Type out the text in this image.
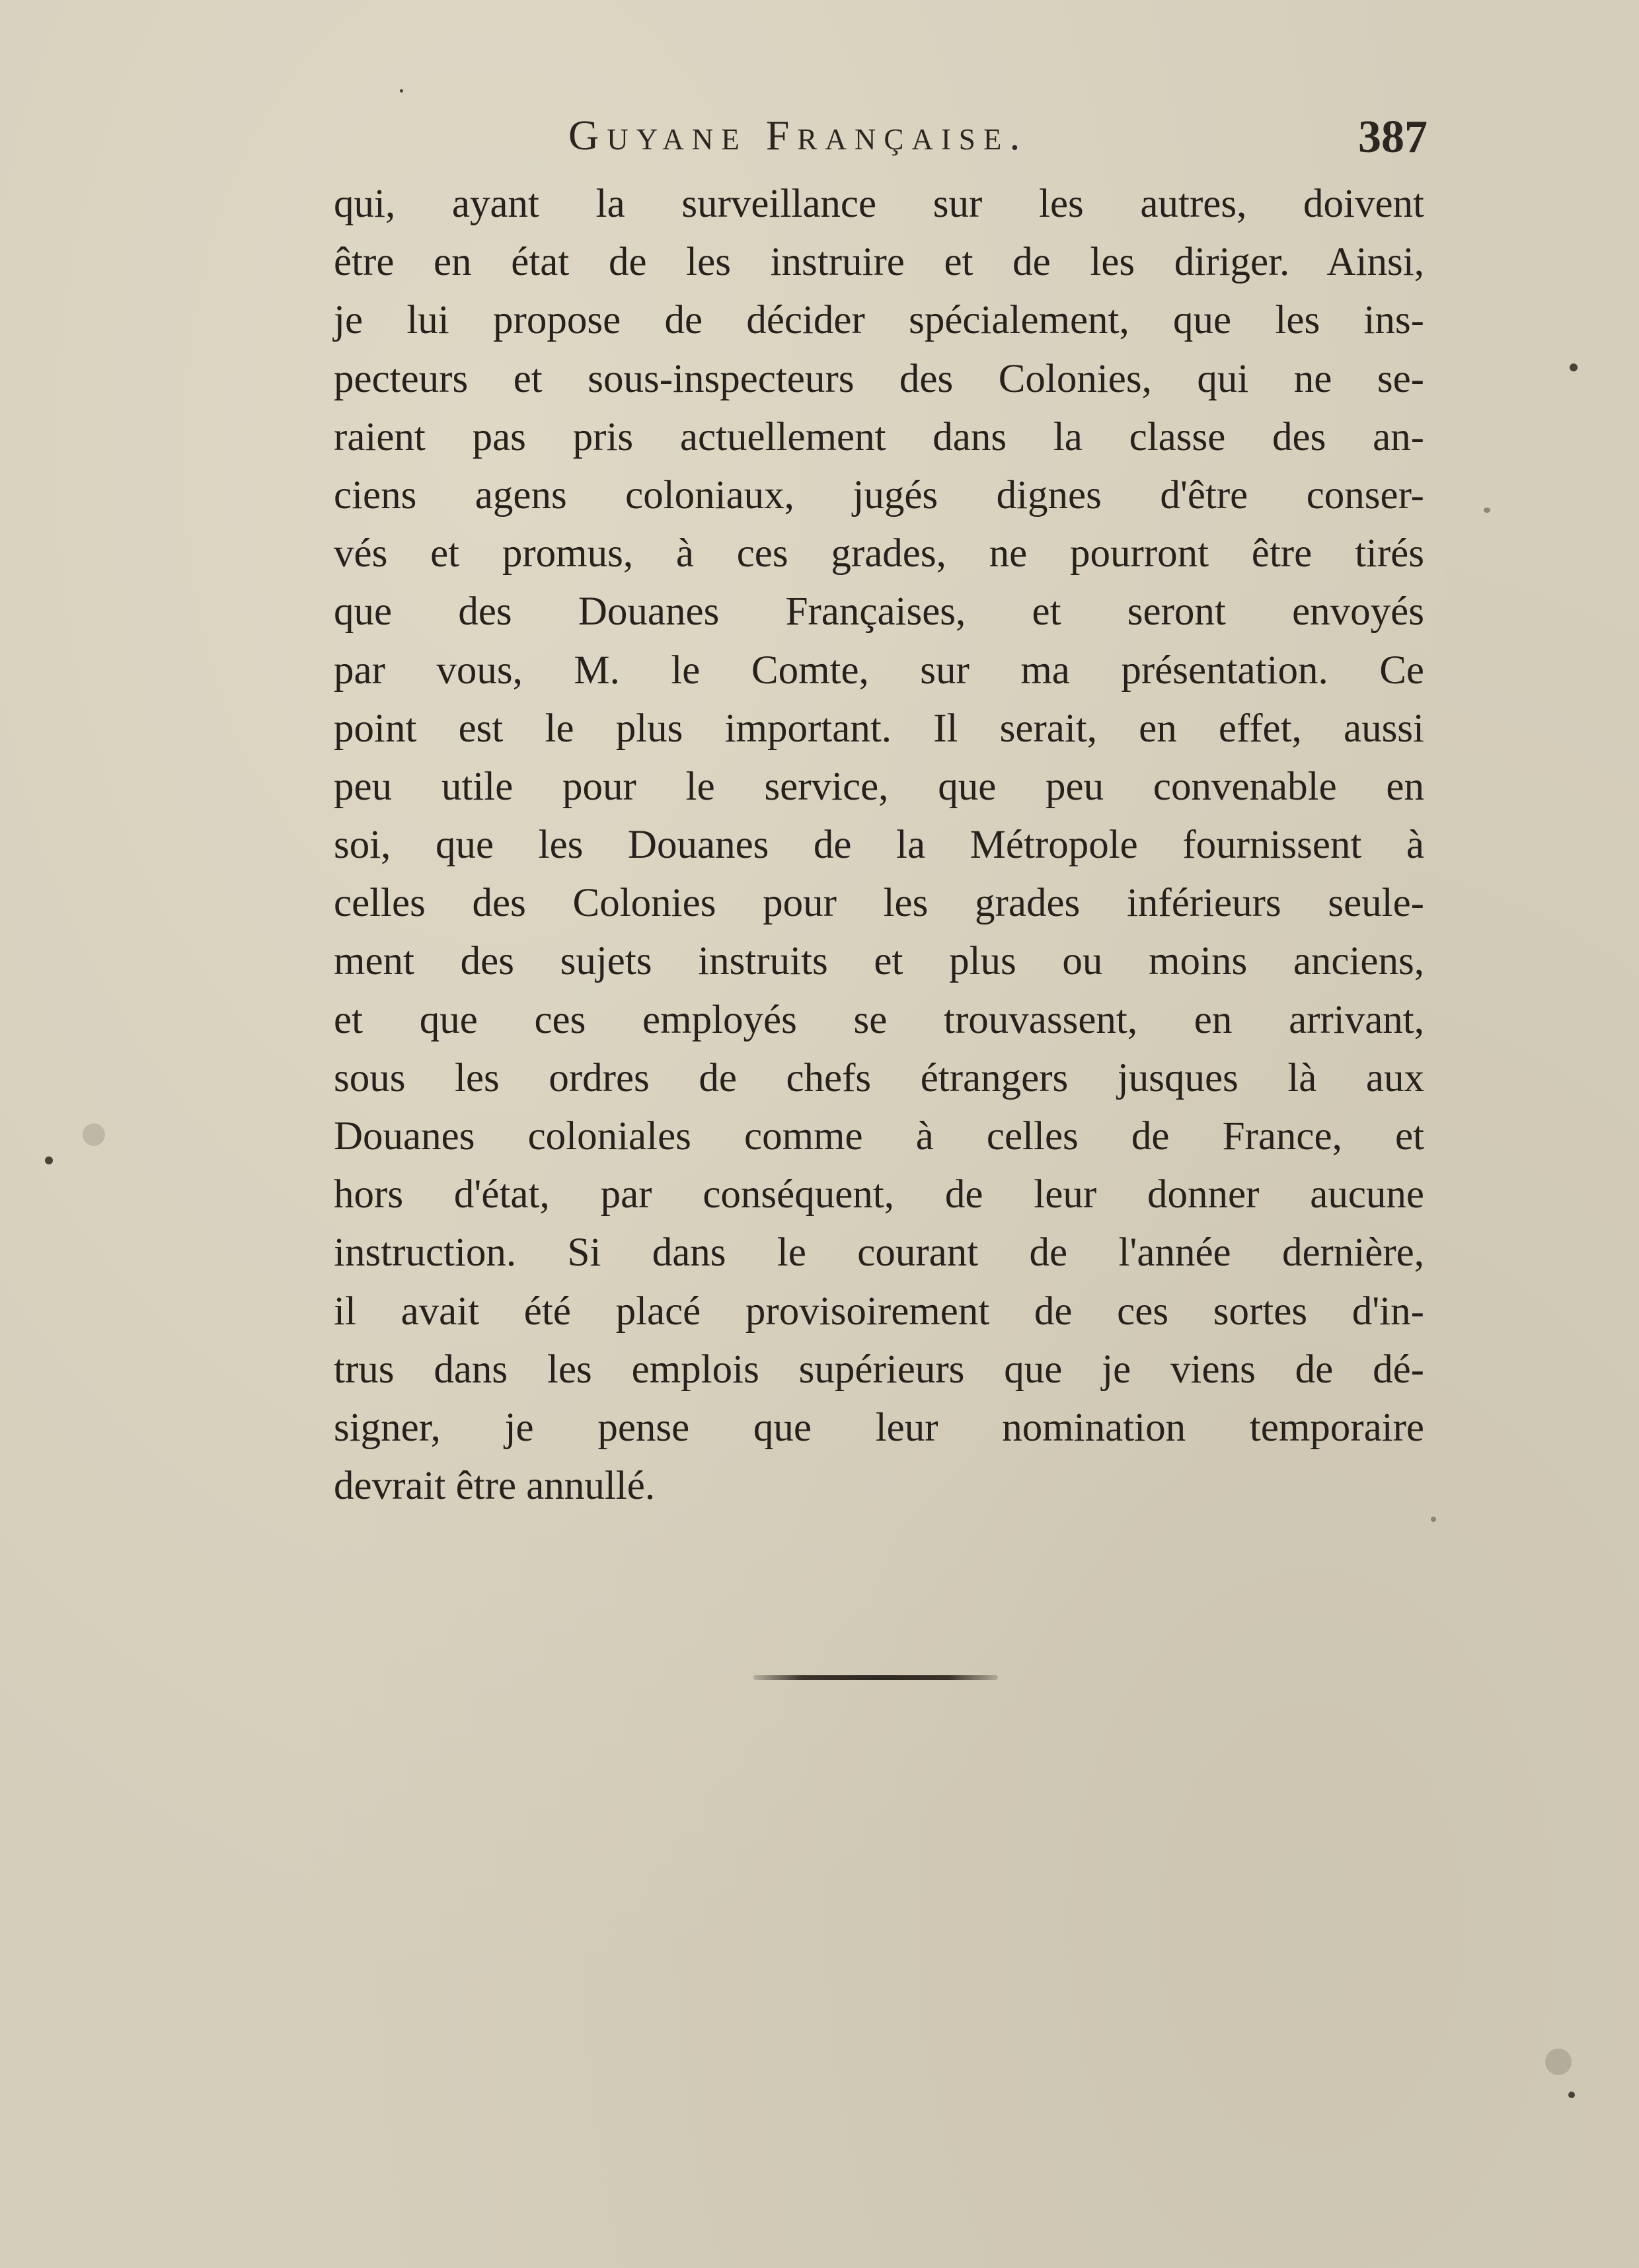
Guyane Française.	387
qui, ayant la surveillance sur les autres, doivent
être en état de les instruire et de les diriger. Ainsi,
je lui propose de décider spécialement, que les ins-
pecteurs et sous-inspecteurs des Colonies, qui ne se-
raient pas pris actuellement dans la classe des an-
ciens agens coloniaux, jugés dignes d'être conser-
vés et promus, à ces grades, ne pourront être tirés
que des Douanes Françaises, et seront envoyés
par vous, M. le Comte, sur ma présentation. Ce
point est le plus important. Il serait, en effet, aussi
peu utile pour le service, que peu convenable en
soi, que les Douanes de la Métropole fournissent à
celles des Colonies pour les grades inférieurs seule-
ment des sujets instruits et plus ou moins anciens,
et que ces employés se trouvassent, en arrivant,
sous les ordres de chefs étrangers jusques là aux
Douanes coloniales comme à celles de France, et
hors d'état, par conséquent, de leur donner aucune
instruction. Si dans le courant de l'année dernière,
il avait été placé provisoirement de ces sortes d'in-
trus dans les emplois supérieurs que je viens de dé-
signer, je pense que leur nomination temporaire
devrait être annullé.
